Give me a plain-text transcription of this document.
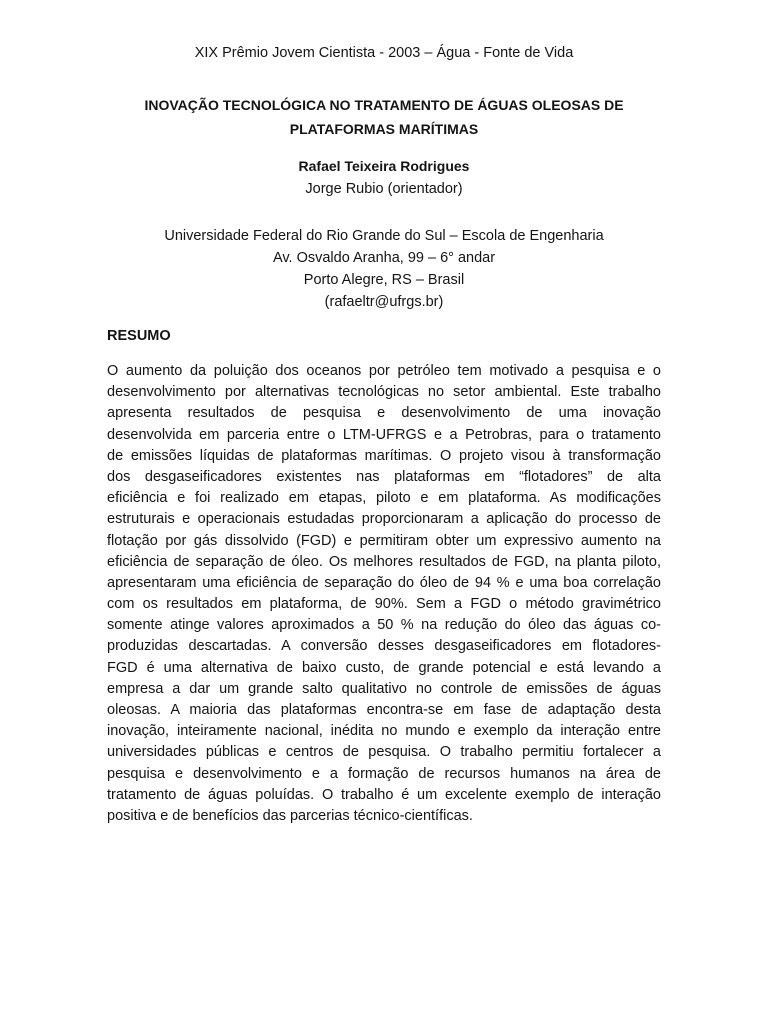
XIX Prêmio Jovem Cientista - 2003 – Água - Fonte de Vida
INOVAÇÃO TECNOLÓGICA NO TRATAMENTO DE ÁGUAS OLEOSAS DE
PLATAFORMAS MARÍTIMAS
Rafael Teixeira Rodrigues
Jorge Rubio (orientador)
Universidade Federal do Rio Grande do Sul – Escola de Engenharia
Av. Osvaldo Aranha, 99 – 6° andar
Porto Alegre, RS – Brasil
(rafaeltr@ufrgs.br)
RESUMO
O aumento da poluição dos oceanos por petróleo tem motivado a pesquisa e o
desenvolvimento por alternativas tecnológicas no setor ambiental. Este trabalho
apresenta resultados de pesquisa e desenvolvimento de uma inovação
desenvolvida em parceria entre o LTM-UFRGS e a Petrobras, para o tratamento
de emissões líquidas de plataformas marítimas. O projeto visou à transformação
dos desgaseificadores existentes nas plataformas em “flotadores” de alta
eficiência e foi realizado em etapas, piloto e em plataforma. As modificações
estruturais e operacionais estudadas proporcionaram a aplicação do processo de
flotação por gás dissolvido (FGD) e permitiram obter um expressivo aumento na
eficiência de separação de óleo. Os melhores resultados de FGD, na planta piloto,
apresentaram uma eficiência de separação do óleo de 94 % e uma boa correlação
com os resultados em plataforma, de 90%. Sem a FGD o método gravimétrico
somente atinge valores aproximados a 50 % na redução do óleo das águas co-
produzidas descartadas. A conversão desses desgaseificadores em flotadores-
FGD é uma alternativa de baixo custo, de grande potencial e está levando a
empresa a dar um grande salto qualitativo no controle de emissões de águas
oleosas. A maioria das plataformas encontra-se em fase de adaptação desta
inovação, inteiramente nacional, inédita no mundo e exemplo da interação entre
universidades públicas e centros de pesquisa. O trabalho permitiu fortalecer a
pesquisa e desenvolvimento e a formação de recursos humanos na área de
tratamento de águas poluídas. O trabalho é um excelente exemplo de interação
positiva e de benefícios das parcerias técnico-científicas.
